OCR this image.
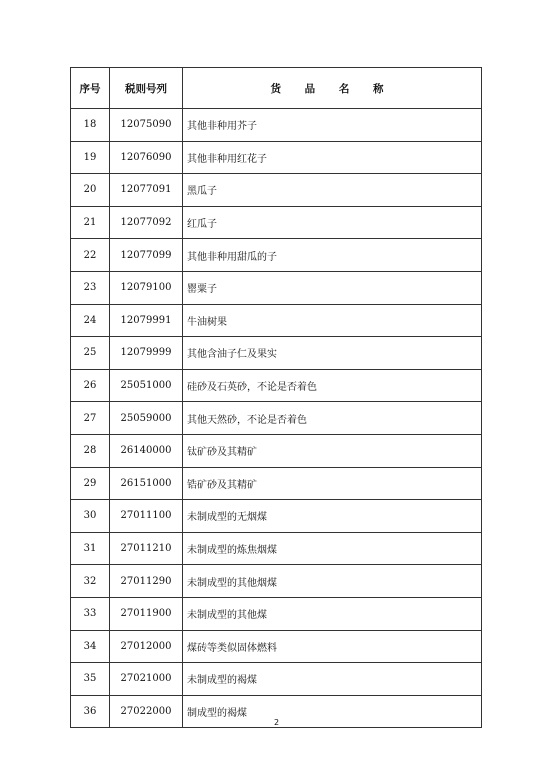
序号	税则号列	货 品 名 称
18	12075090	其他非种用芥子
19	12076090	其他非种用红花子
20	12077091	黑瓜子
21	12077092	红瓜子
22	12077099	其他非种用甜瓜的子
23	12079100	罂粟子
24	12079991	牛油树果
25	12079999	其他含油子仁及果实
26	25051000	硅砂及石英砂，不论是否着色
27	25059000	其他天然砂，不论是否着色
28	26140000	钛矿砂及其精矿
29	26151000	锆矿砂及其精矿
30	27011100	未制成型的无烟煤
31	27011210	未制成型的炼焦烟煤
32	27011290	未制成型的其他烟煤
33	27011900	未制成型的其他煤
34	27012000	煤砖等类似固体燃料
35	27021000	未制成型的褐煤
36	27022000	制成型的褐煤
2
